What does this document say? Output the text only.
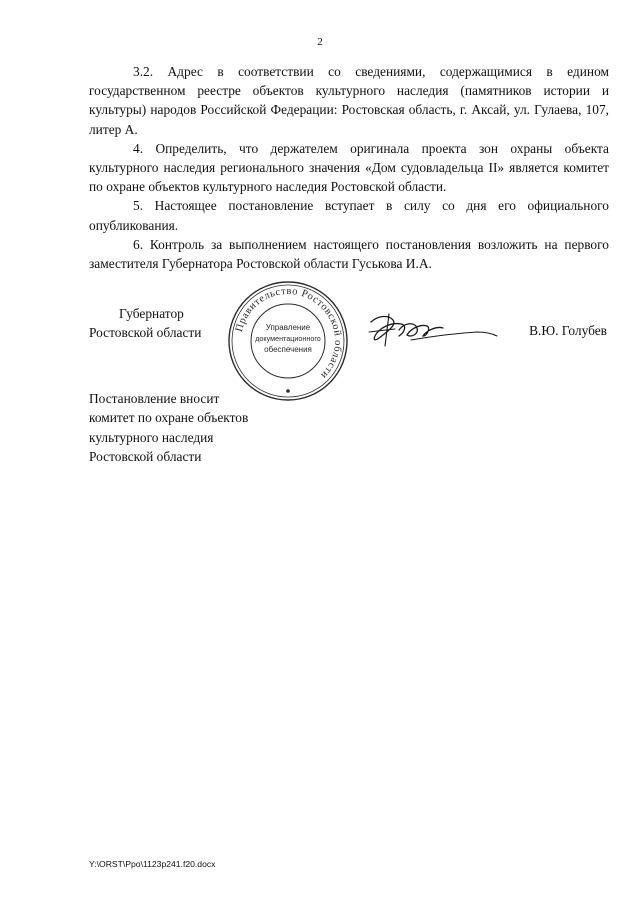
2

3.2. Адрес в соответствии со сведениями, содержащимися в едином государственном реестре объектов культурного наследия (памятников истории и культуры) народов Российской Федерации: Ростовская область, г. Аксай, ул. Гулаева, 107, литер А.

4. Определить, что держателем оригинала проекта зон охраны объекта культурного наследия регионального значения «Дом судовладельца II» является комитет по охране объектов культурного наследия Ростовской области.

5. Настоящее постановление вступает в силу со дня его официального опубликования.

6. Контроль за выполнением настоящего постановления возложить на первого заместителя Губернатора Ростовской области Гуськова И.А.

Губернатор
Ростовской области	Правительство Ростовской области
Управление
документационного
обеспечения
В.Ю. Голубев
Постановление вносит
комитет по охране объектов
культурного наследия
Ростовской области
Y:\ORST\Ppo\1123p241.f20.docx
